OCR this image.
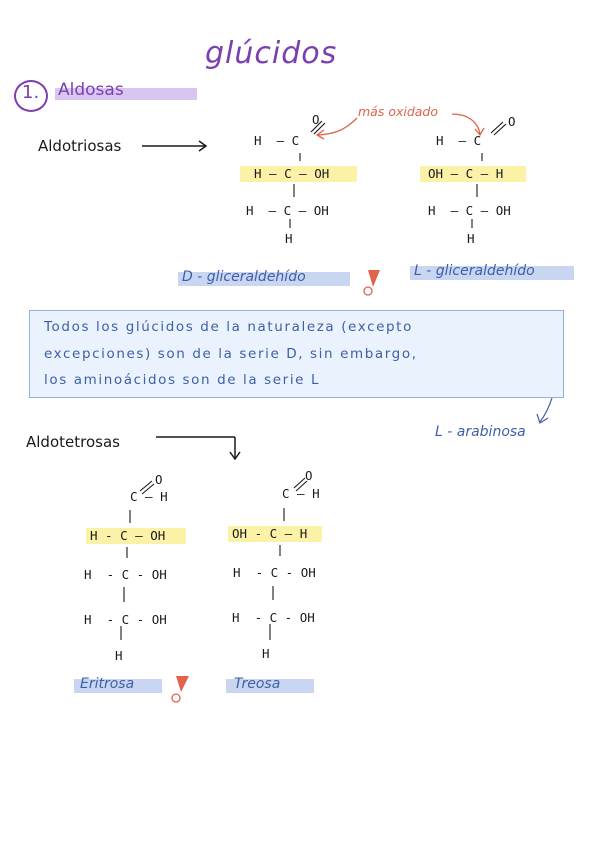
glúcidos
1. Aldosas
Aldotriosas
más oxidado
O
H  — C
H – C – OH
H  – C – OH
H
D - gliceraldehído
O
H  — C
OH – C – H
H  – C – OH
H
L - gliceraldehído
Todos los glúcidos de la naturaleza (excepto
excepciones) son de la serie D, sin embargo,
los aminoácidos son de la serie L
L - arabinosa
Aldotetrosas
O
C – H
H - C – OH
H  - C - OH
H  - C - OH
H
Eritrosa
O
C – H
OH - C – H
H  - C - OH
H  - C - OH
H
Treosa
